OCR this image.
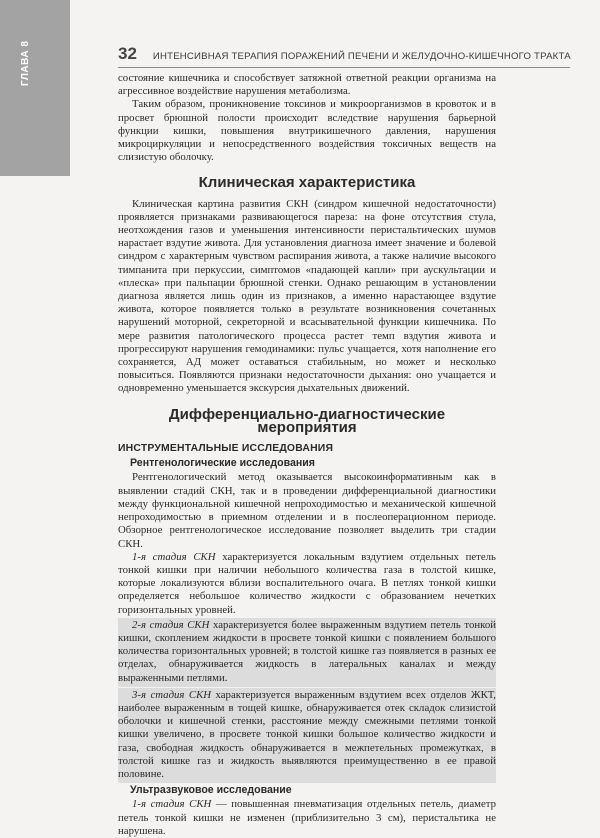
ГЛАВА 8	32 ИНТЕНСИВНАЯ ТЕРАПИЯ ПОРАЖЕНИЙ ПЕЧЕНИ И ЖЕЛУДОЧНО-КИШЕЧНОГО ТРАКТА

состояние кишечника и способствует затяжной ответной реакции организма на агрессивное воздействие нарушения метаболизма.

Таким образом, проникновение токсинов и микроорганизмов в кровоток и в просвет брюшной полости происходит вследствие нарушения барьерной функции кишки, повышения внутрикишечного давления, нарушения микроциркуляции и непосредственного воздействия токсичных веществ на слизистую оболочку.

Клиническая характеристика

Клиническая картина развития СКН (синдром кишечной недостаточности) проявляется признаками развивающегося пареза: на фоне отсутствия стула, неотхождения газов и уменьшения интенсивности перистальтических шумов нарастает вздутие живота. Для установления диагноза имеет значение и болевой синдром с характерным чувством распирания живота, а также наличие высокого тимпанита при перкуссии, симптомов «падающей капли» при аускультации и «плеска» при пальпации брюшной стенки. Однако решающим в установлении диагноза является лишь один из признаков, а именно нарастающее вздутие живота, которое появляется только в результате возникновения сочетанных нарушений моторной, секреторной и всасывательной функции кишечника. По мере развития патологического процесса растет темп вздутия живота и прогрессируют нарушения гемодинамики: пульс учащается, хотя наполнение его сохраняется, АД может оставаться стабильным, но может и несколько повыситься. Появляются признаки недостаточности дыхания: оно учащается и одновременно уменьшается экскурсия дыхательных движений.

Дифференциально-диагностические мероприятия
ИНСТРУМЕНТАЛЬНЫЕ ИССЛЕДОВАНИЯ
Рентгенологические исследования

Рентгенологический метод оказывается высокоинформативным как в выявлении стадий СКН, так и в проведении дифференциальной диагностики между функциональной кишечной непроходимостью и механической кишечной непроходимостью в приемном отделении и в послеоперационном периоде. Обзорное рентгенологическое исследование позволяет выделить три стадии СКН.

1-я стадия СКН характеризуется локальным вздутием отдельных петель тонкой кишки при наличии небольшого количества газа в толстой кишке, которые локализуются вблизи воспалительного очага. В петлях тонкой кишки определяется небольшое количество жидкости с образованием нечетких горизонтальных уровней.

2-я стадия СКН характеризуется более выраженным вздутием петель тонкой кишки, скоплением жидкости в просвете тонкой кишки с появлением большого количества горизонтальных уровней; в толстой кишке газ появляется в разных ее отделах, обнаруживается жидкость в латеральных каналах и между выраженными петлями.

3-я стадия СКН характеризуется выраженным вздутием всех отделов ЖКТ, наиболее выраженным в тощей кишке, обнаруживается отек складок слизистой оболочки и кишечной стенки, расстояние между смежными петлями тонкой кишки увеличено, в просвете тонкой кишки большое количество жидкости и газа, свободная жидкость обнаруживается в межпетельных промежутках, в толстой кишке газ и жидкость выявляются преимущественно в ее правой половине.

Ультразвуковое исследование

1-я стадия СКН — повышенная пневматизация отдельных петель, диаметр петель тонкой кишки не изменен (приблизительно 3 см), перистальтика не нарушена.
